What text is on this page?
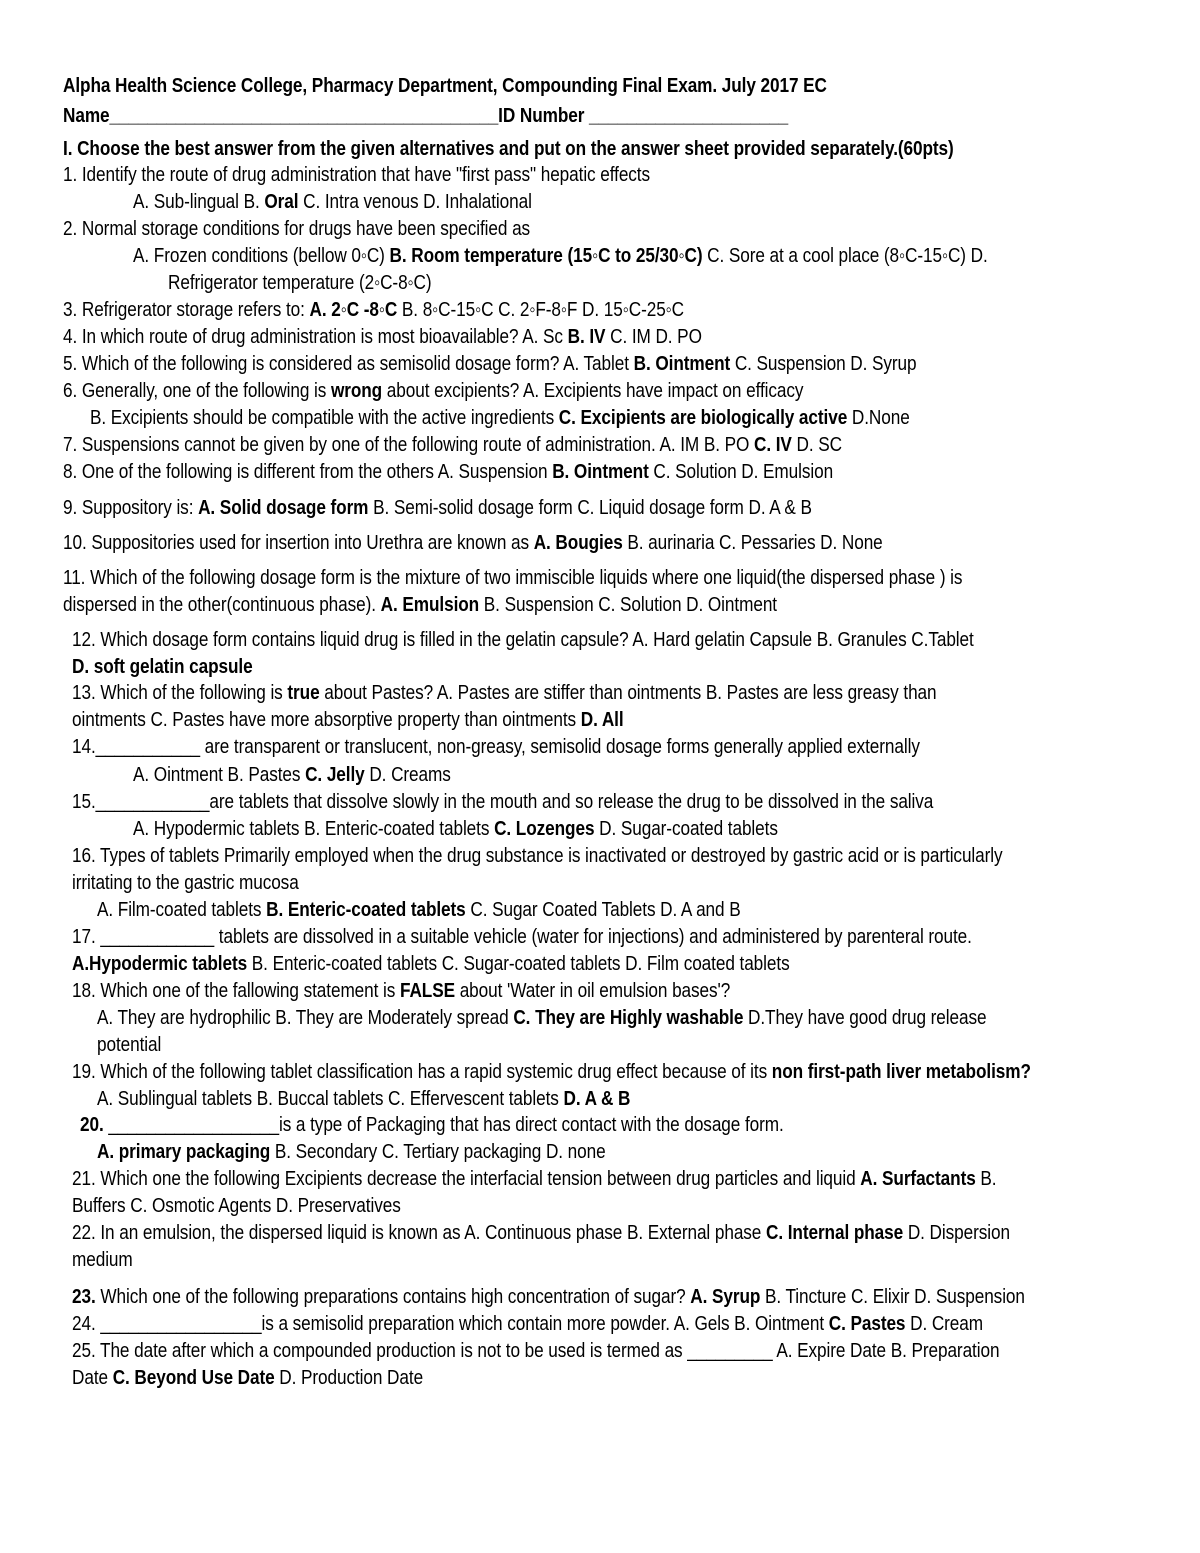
Alpha Health Science College, Pharmacy Department, Compounding Final Exam. July 2017 EC
Name_________________________________________ID Number _____________________
I. Choose the best answer from the given alternatives and put on the answer sheet provided separately.(60pts)
1. Identify the route of drug administration that have "first pass" hepatic effects
A. Sub-lingual B. Oral C. Intra venous D. Inhalational
2. Normal storage conditions for drugs have been specified as
A. Frozen conditions (bellow 0◦C) B. Room temperature (15◦C to 25/30◦C) C. Sore at a cool place (8◦C-15◦C) D.
Refrigerator temperature (2◦C-8◦C)
3. Refrigerator storage refers to: A. 2◦C -8◦C B. 8◦C-15◦C C. 2◦F-8◦F D. 15◦C-25◦C
4. In which route of drug administration is most bioavailable? A. Sc B. IV C. IM D. PO
5. Which of the following is considered as semisolid dosage form? A. Tablet B. Ointment C. Suspension D. Syrup
6. Generally, one of the following is wrong about excipients? A. Excipients have impact on efficacy
B. Excipients should be compatible with the active ingredients C. Excipients are biologically active D.None
7. Suspensions cannot be given by one of the following route of administration. A. IM B. PO C. IV D. SC
8. One of the following is different from the others A. Suspension B. Ointment C. Solution D. Emulsion
9. Suppository is: A. Solid dosage form B. Semi-solid dosage form C. Liquid dosage form D. A & B
10. Suppositories used for insertion into Urethra are known as A. Bougies B. aurinaria C. Pessaries D. None
11. Which of the following dosage form is the mixture of two immiscible liquids where one liquid(the dispersed phase ) is
dispersed in the other(continuous phase). A. Emulsion B. Suspension C. Solution D. Ointment
12. Which dosage form contains liquid drug is filled in the gelatin capsule? A. Hard gelatin Capsule B. Granules C.Tablet
D. soft gelatin capsule
13. Which of the following is true about Pastes? A. Pastes are stiffer than ointments B. Pastes are less greasy than
ointments C. Pastes have more absorptive property than ointments D. All
14.___________ are transparent or translucent, non-greasy, semisolid dosage forms generally applied externally
A. Ointment B. Pastes C. Jelly D. Creams
15.____________are tablets that dissolve slowly in the mouth and so release the drug to be dissolved in the saliva
A. Hypodermic tablets B. Enteric-coated tablets C. Lozenges D. Sugar-coated tablets
16. Types of tablets Primarily employed when the drug substance is inactivated or destroyed by gastric acid or is particularly
irritating to the gastric mucosa
A. Film-coated tablets B. Enteric-coated tablets C. Sugar Coated Tablets D. A and B
17. ____________ tablets are dissolved in a suitable vehicle (water for injections) and administered by parenteral route.
A.Hypodermic tablets B. Enteric-coated tablets C. Sugar-coated tablets D. Film coated tablets
18. Which one of the fallowing statement is FALSE about 'Water in oil emulsion bases'?
A. They are hydrophilic B. They are Moderately spread C. They are Highly washable D.They have good drug release
potential
19. Which of the following tablet classification has a rapid systemic drug effect because of its non first-path liver metabolism?
A. Sublingual tablets B. Buccal tablets C. Effervescent tablets D. A & B
20. __________________is a type of Packaging that has direct contact with the dosage form.
A. primary packaging B. Secondary C. Tertiary packaging D. none
21. Which one the following Excipients decrease the interfacial tension between drug particles and liquid A. Surfactants B.
Buffers C. Osmotic Agents D. Preservatives
22. In an emulsion, the dispersed liquid is known as A. Continuous phase B. External phase C. Internal phase D. Dispersion
medium
23. Which one of the following preparations contains high concentration of sugar? A. Syrup B. Tincture C. Elixir D. Suspension
24. _________________is a semisolid preparation which contain more powder. A. Gels B. Ointment C. Pastes D. Cream
25. The date after which a compounded production is not to be used is termed as _________ A. Expire Date B. Preparation
Date C. Beyond Use Date D. Production Date
